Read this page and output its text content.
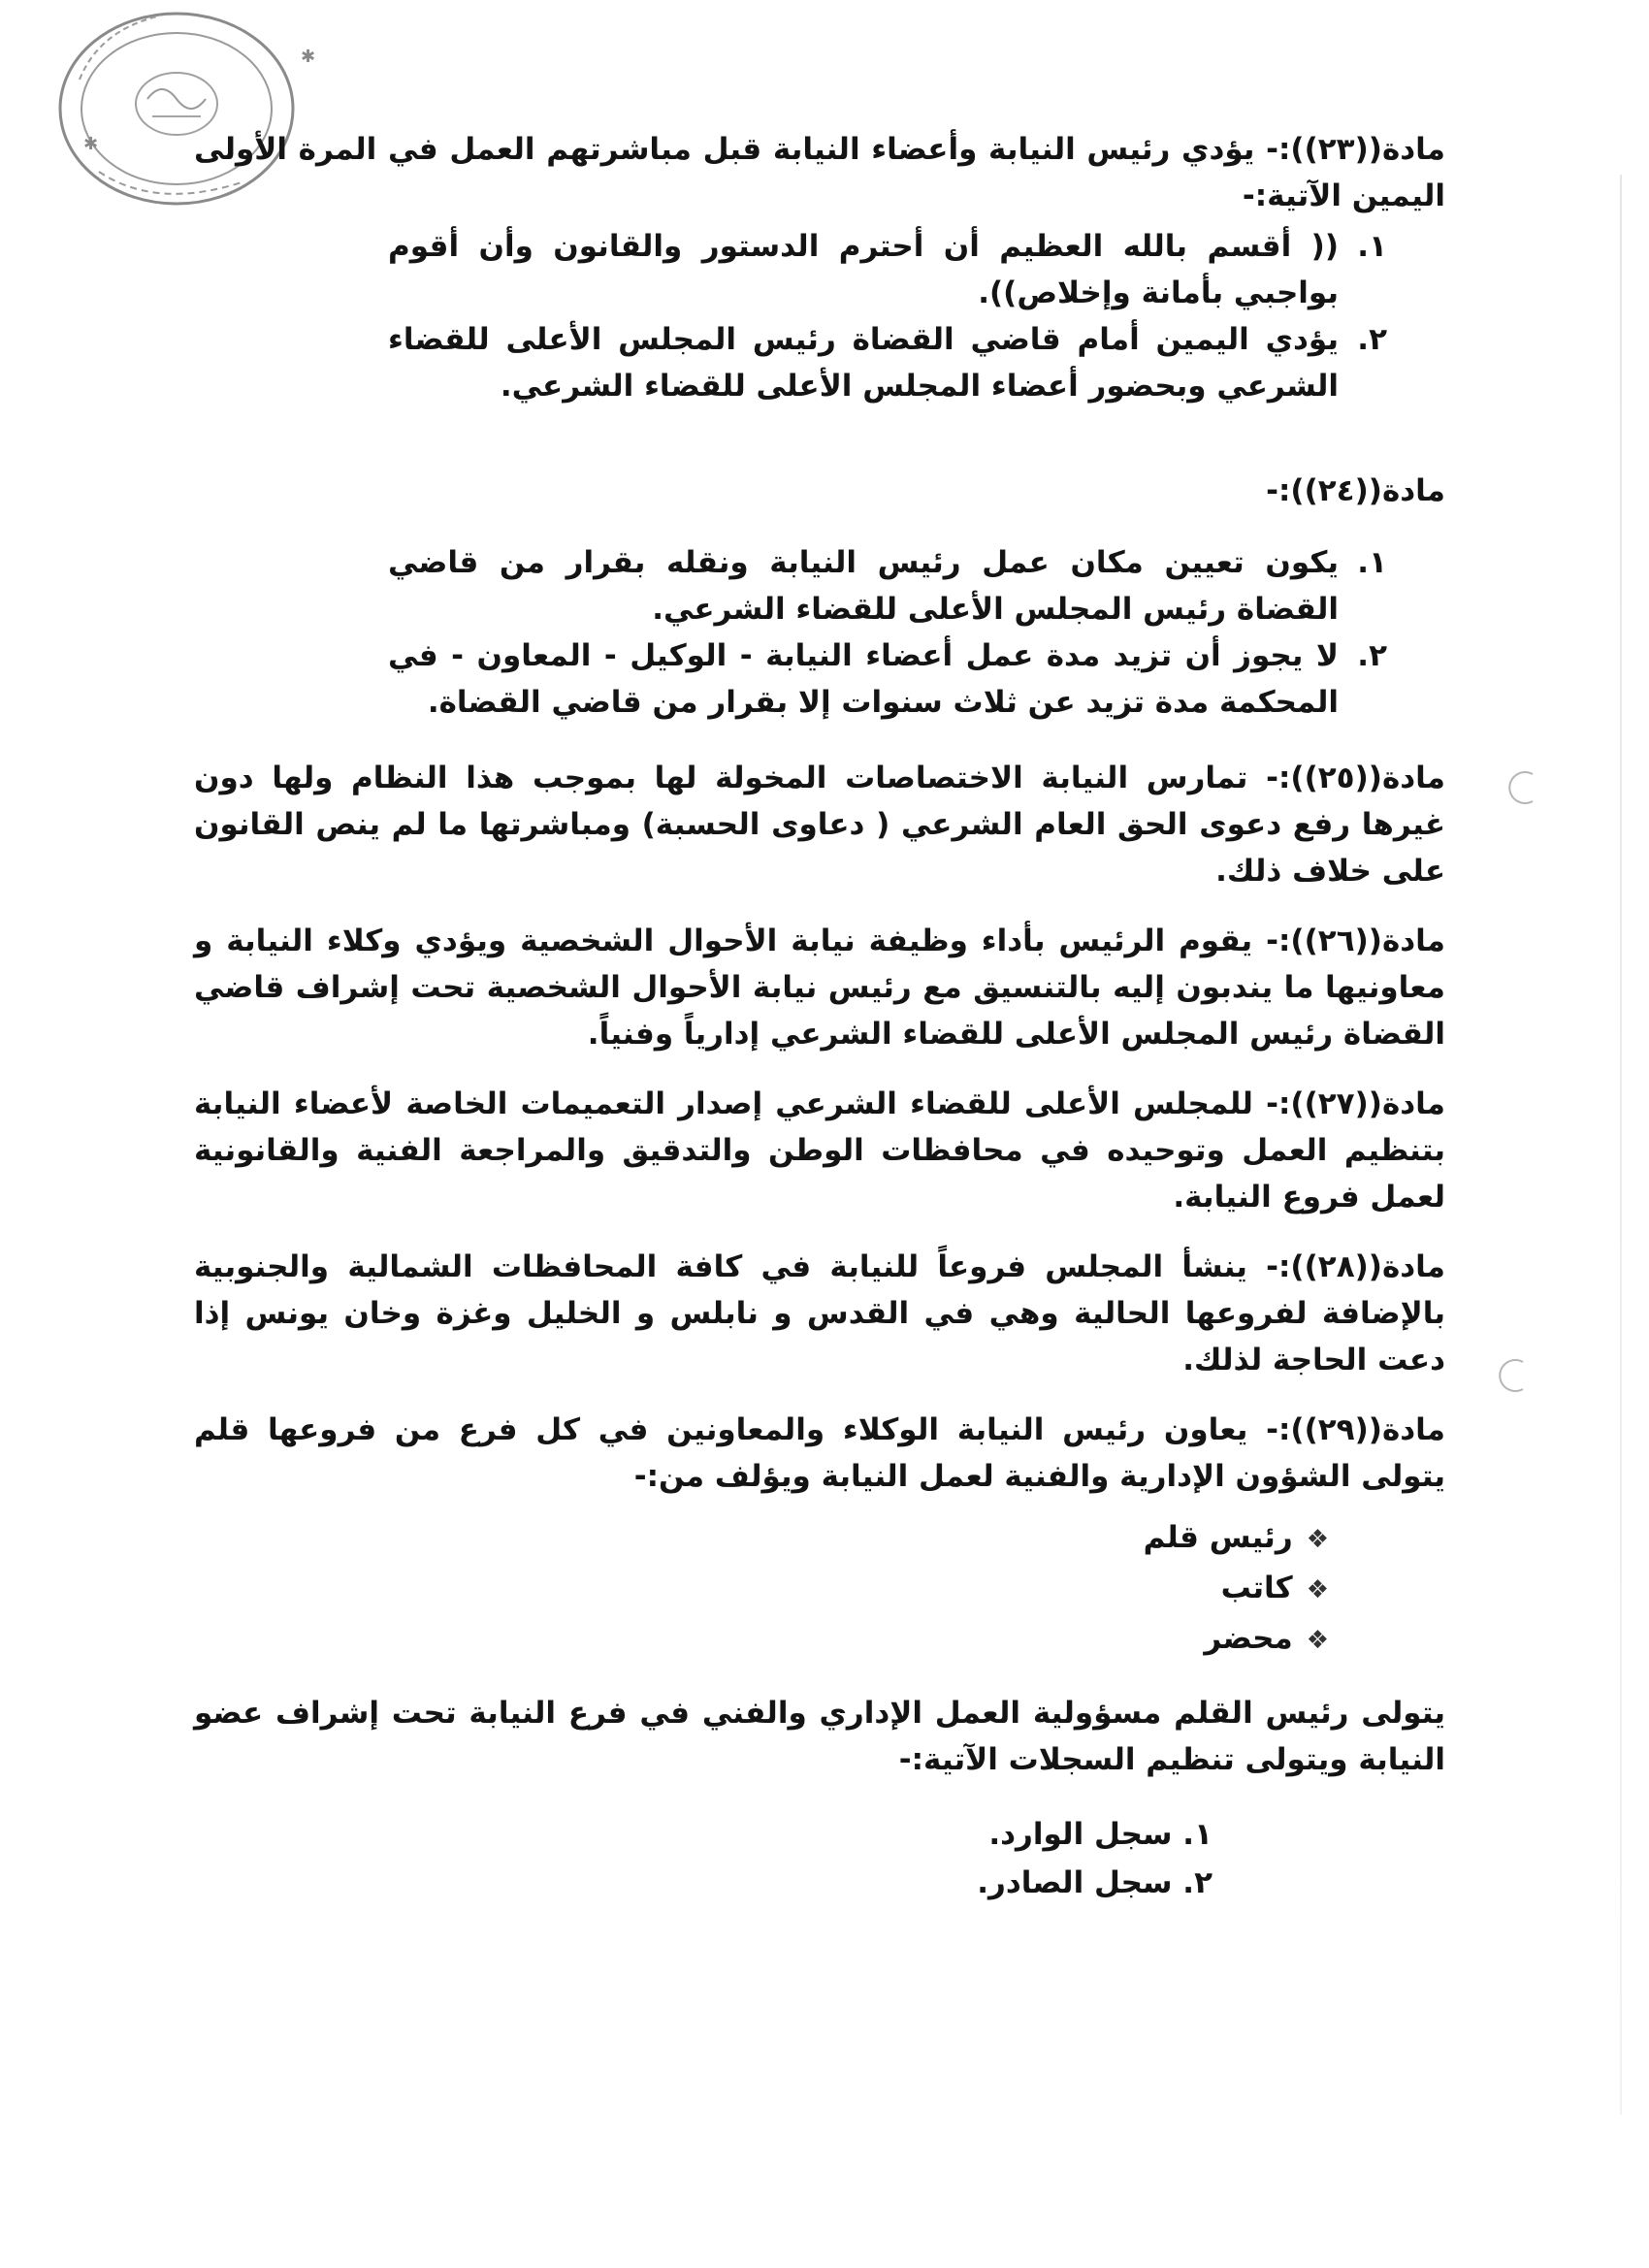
✱
✱	مادة((٢٣)):- يؤدي رئيس النيابة وأعضاء النيابة قبل مباشرتهم العمل في المرة الأولى اليمين الآتية:-
١.
(( أقسم بالله العظيم أن أحترم الدستور والقانون وأن أقوم بواجبي بأمانة وإخلاص)).
٢.
يؤدي اليمين أمام قاضي القضاة رئيس المجلس الأعلى للقضاء الشرعي وبحضور أعضاء المجلس الأعلى للقضاء الشرعي.
مادة((٢٤)):-
١.
يكون تعيين مكان عمل رئيس النيابة ونقله بقرار من قاضي القضاة رئيس المجلس الأعلى للقضاء الشرعي.
٢.
لا يجوز أن تزيد مدة عمل أعضاء النيابة - الوكيل - المعاون - في المحكمة مدة تزيد عن ثلاث سنوات إلا بقرار من قاضي القضاة.
مادة((٢٥)):- تمارس النيابة الاختصاصات المخولة لها بموجب هذا النظام ولها دون غيرها رفع دعوى الحق العام الشرعي ( دعاوى الحسبة) ومباشرتها ما لم ينص القانون على خلاف ذلك.
مادة((٢٦)):- يقوم الرئيس بأداء وظيفة نيابة الأحوال الشخصية ويؤدي وكلاء النيابة و معاونيها ما يندبون إليه بالتنسيق مع رئيس نيابة الأحوال الشخصية تحت إشراف قاضي القضاة رئيس المجلس الأعلى للقضاء الشرعي إدارياً وفنياً.
مادة((٢٧)):- للمجلس الأعلى للقضاء الشرعي إصدار التعميمات الخاصة لأعضاء النيابة بتنظيم العمل وتوحيده في محافظات الوطن والتدقيق والمراجعة الفنية والقانونية لعمل فروع النيابة.
مادة((٢٨)):- ينشأ المجلس فروعاً للنيابة في كافة المحافظات الشمالية والجنوبية بالإضافة لفروعها الحالية وهي في القدس و نابلس و الخليل وغزة وخان يونس إذا دعت الحاجة لذلك.
مادة((٢٩)):- يعاون رئيس النيابة الوكلاء والمعاونين في كل فرع من فروعها قلم يتولى الشؤون الإدارية والفنية لعمل النيابة ويؤلف من:-
❖رئيس قلم
❖كاتب
❖محضر
يتولى رئيس القلم مسؤولية العمل الإداري والفني في فرع النيابة تحت إشراف عضو النيابة ويتولى تنظيم السجلات الآتية:-
١. سجل الوارد.
٢. سجل الصادر.
